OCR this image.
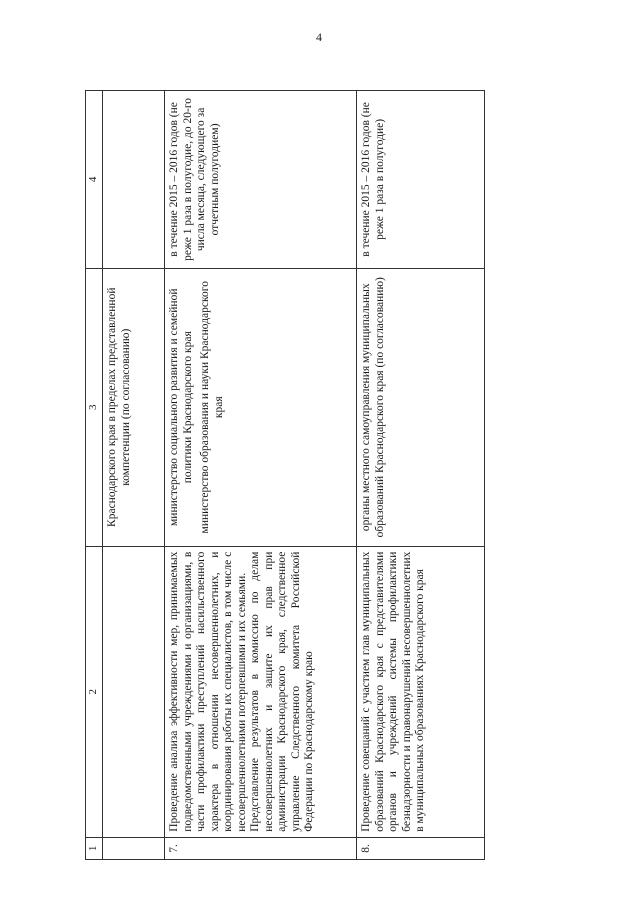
4
1	2	3	4
		Краснодарского края в пределах представленной компетенции (по согласованию)	
7.	Проведение анализа эффективности мер, принимаемых подведомственными учреждениями и организациями, в части профилактики преступлений насильственного характера в отношении несовершеннолетних, и координирования работы их специалистов, в том числе с несовершеннолетними потерпевшими и их семьями. Представление результатов в комиссию по делам несовершеннолетних и защите их прав при администрации Краснодарского края, следственное управление Следственного комитета Российской Федерации по Краснодарскому краю	министерство социального развития и семейной политики Краснодарского края министерство образования и науки Краснодарского края	в течение 2015 – 2016 годов (не реже 1 раза в полугодие, до 20-го числа месяца, следующего за отчетным полугодием)
8.	Проведение совещаний с участием глав муниципальных образований Краснодарского края с представителями органов и учреждений системы профилактики безнадзорности и правонарушений несовершеннолетних в муниципальных образованиях Краснодарского края	органы местного самоуправления муниципальных образований Краснодарского края (по согласованию)	в течение 2015 – 2016 годов (не реже 1 раза в полугодие)
